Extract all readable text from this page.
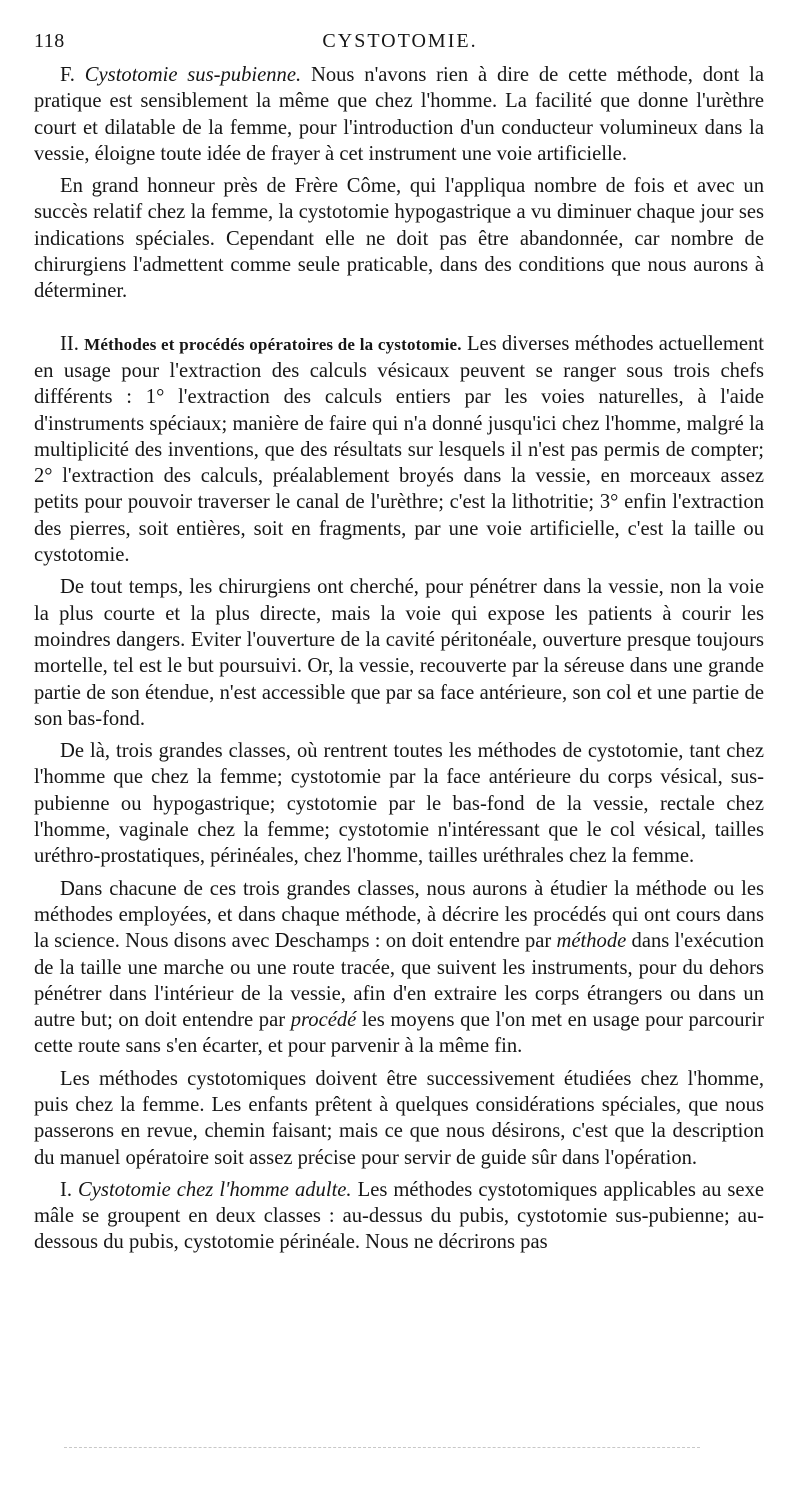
118	CYSTOTOMIE.

F. Cystotomie sus-pubienne. Nous n'avons rien à dire de cette méthode, dont la pratique est sensiblement la même que chez l'homme. La facilité que donne l'urèthre court et dilatable de la femme, pour l'introduction d'un conducteur volumineux dans la vessie, éloigne toute idée de frayer à cet instrument une voie artificielle.

En grand honneur près de Frère Côme, qui l'appliqua nombre de fois et avec un succès relatif chez la femme, la cystotomie hypogastrique a vu diminuer chaque jour ses indications spéciales. Cependant elle ne doit pas être abandonnée, car nombre de chirurgiens l'admettent comme seule praticable, dans des conditions que nous aurons à déterminer.

II. Méthodes et procédés opératoires de la cystotomie. Les diverses méthodes actuellement en usage pour l'extraction des calculs vésicaux peuvent se ranger sous trois chefs différents : 1° l'extraction des calculs entiers par les voies naturelles, à l'aide d'instruments spéciaux; manière de faire qui n'a donné jusqu'ici chez l'homme, malgré la multiplicité des inventions, que des résultats sur lesquels il n'est pas permis de compter; 2° l'extraction des calculs, préalablement broyés dans la vessie, en morceaux assez petits pour pouvoir traverser le canal de l'urèthre; c'est la lithotritie; 3° enfin l'extraction des pierres, soit entières, soit en fragments, par une voie artificielle, c'est la taille ou cystotomie.

De tout temps, les chirurgiens ont cherché, pour pénétrer dans la vessie, non la voie la plus courte et la plus directe, mais la voie qui expose les patients à courir les moindres dangers. Eviter l'ouverture de la cavité péritonéale, ouverture presque toujours mortelle, tel est le but poursuivi. Or, la vessie, recouverte par la séreuse dans une grande partie de son étendue, n'est accessible que par sa face antérieure, son col et une partie de son bas-fond.

De là, trois grandes classes, où rentrent toutes les méthodes de cystotomie, tant chez l'homme que chez la femme; cystotomie par la face antérieure du corps vésical, sus-pubienne ou hypogastrique; cystotomie par le bas-fond de la vessie, rectale chez l'homme, vaginale chez la femme; cystotomie n'intéressant que le col vésical, tailles uréthro-prostatiques, périnéales, chez l'homme, tailles uréthrales chez la femme.

Dans chacune de ces trois grandes classes, nous aurons à étudier la méthode ou les méthodes employées, et dans chaque méthode, à décrire les procédés qui ont cours dans la science. Nous disons avec Deschamps : on doit entendre par méthode dans l'exécution de la taille une marche ou une route tracée, que suivent les instruments, pour du dehors pénétrer dans l'intérieur de la vessie, afin d'en extraire les corps étrangers ou dans un autre but; on doit entendre par procédé les moyens que l'on met en usage pour parcourir cette route sans s'en écarter, et pour parvenir à la même fin.

Les méthodes cystotomiques doivent être successivement étudiées chez l'homme, puis chez la femme. Les enfants prêtent à quelques considérations spéciales, que nous passerons en revue, chemin faisant; mais ce que nous désirons, c'est que la description du manuel opératoire soit assez précise pour servir de guide sûr dans l'opération.

I. Cystotomie chez l'homme adulte. Les méthodes cystotomiques applicables au sexe mâle se groupent en deux classes : au-dessus du pubis, cystotomie sus-pubienne; au-dessous du pubis, cystotomie périnéale. Nous ne décrirons pas
